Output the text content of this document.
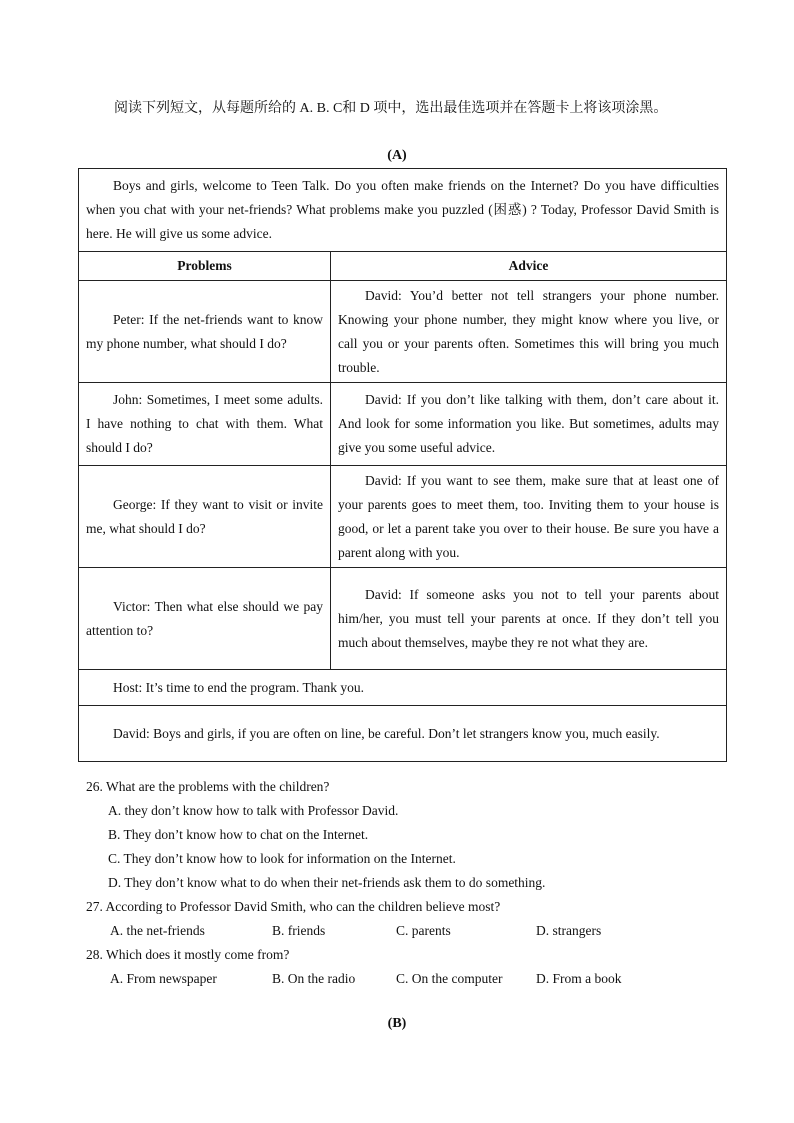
阅读下列短文，从每题所给的 A. B. C和 D 项中，选出最佳选项并在答题卡上将该项涂黑。
(A)
Boys and girls, welcome to Teen Talk. Do you often make friends on the Internet? Do you have difficulties when you chat with your net-friends? What problems make you puzzled (困惑) ? Today, Professor David Smith is here. He will give us some advice.	
Problems	Advice
Peter: If the net-friends want to know my phone number, what should I do?	David: You’d better not tell strangers your phone number. Knowing your phone number, they might know where you live, or call you or your parents often. Sometimes this will bring you much trouble.
John: Sometimes, I meet some adults. I have nothing to chat with them. What should I do?	David: If you don’t like talking with them, don’t care about it. And look for some information you like. But sometimes, adults may give you some useful advice.
George: If they want to visit or invite me, what should I do?	David: If you want to see them, make sure that at least one of your parents goes to meet them, too. Inviting them to your house is good, or let a parent take you over to their house. Be sure you have a parent along with you.
Victor: Then what else should we pay attention to?	David: If someone asks you not to tell your parents about him/her, you must tell your parents at once. If they don’t tell you much about themselves, maybe they re not what they are.
Host: It’s time to end the program. Thank you.	
David: Boys and girls, if you are often on line, be careful. Don’t let strangers know you, much easily.	
26. What are the problems with the children?
A. they don’t know how to talk with Professor David.
B. They don’t know how to chat on the Internet.
C. They don’t know how to look for information on the Internet.
D. They don’t know what to do when their net-friends ask them to do something.
27. According to Professor David Smith, who can the children believe most?
A. the net-friends	B. friends	C. parents	D. strangers
28. Which does it mostly come from?
A. From newspaper	B. On the radio	C. On the computer	D. From a book
(B)
